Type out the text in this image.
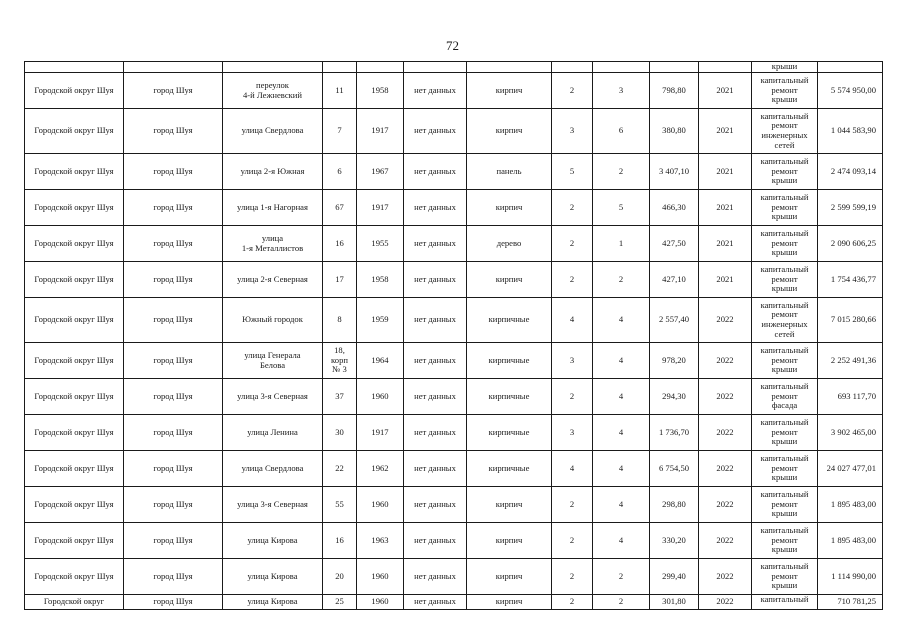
72
											крыши	
Городской округ Шуя	город Шуя	переулок
4-й Лежневский	11	1958	нет данных	кирпич	2	3	798,80	2021	капитальный
ремонт
крыши	5 574 950,00
Городской округ Шуя	город Шуя	улица Свердлова	7	1917	нет данных	кирпич	3	6	380,80	2021	капитальный
ремонт
инженерных
сетей	1 044 583,90
Городской округ Шуя	город Шуя	улица 2-я Южная	6	1967	нет данных	панель	5	2	3 407,10	2021	капитальный
ремонт
крыши	2 474 093,14
Городской округ Шуя	город Шуя	улица 1-я Нагорная	67	1917	нет данных	кирпич	2	5	466,30	2021	капитальный
ремонт
крыши	2 599 599,19
Городской округ Шуя	город Шуя	улица
1-я Металлистов	16	1955	нет данных	дерево	2	1	427,50	2021	капитальный
ремонт
крыши	2 090 606,25
Городской округ Шуя	город Шуя	улица 2-я Северная	17	1958	нет данных	кирпич	2	2	427,10	2021	капитальный
ремонт
крыши	1 754 436,77
Городской округ Шуя	город Шуя	Южный городок	8	1959	нет данных	кирпичные	4	4	2 557,40	2022	капитальный
ремонт
инженерных
сетей	7 015 280,66
Городской округ Шуя	город Шуя	улица Генерала
Белова	18,
корп
№ 3	1964	нет данных	кирпичные	3	4	978,20	2022	капитальный
ремонт
крыши	2 252 491,36
Городской округ Шуя	город Шуя	улица 3-я Северная	37	1960	нет данных	кирпичные	2	4	294,30	2022	капитальный
ремонт
фасада	693 117,70
Городской округ Шуя	город Шуя	улица Ленина	30	1917	нет данных	кирпичные	3	4	1 736,70	2022	капитальный
ремонт
крыши	3 902 465,00
Городской округ Шуя	город Шуя	улица Свердлова	22	1962	нет данных	кирпичные	4	4	6 754,50	2022	капитальный
ремонт
крыши	24 027 477,01
Городской округ Шуя	город Шуя	улица 3-я Северная	55	1960	нет данных	кирпич	2	4	298,80	2022	капитальный
ремонт
крыши	1 895 483,00
Городской округ Шуя	город Шуя	улица Кирова	16	1963	нет данных	кирпич	2	4	330,20	2022	капитальный
ремонт
крыши	1 895 483,00
Городской округ Шуя	город Шуя	улица Кирова	20	1960	нет данных	кирпич	2	2	299,40	2022	капитальный
ремонт
крыши	1 114 990,00
Городской округ	город Шуя	улица Кирова	25	1960	нет данных	кирпич	2	2	301,80	2022	капитальный	710 781,25
